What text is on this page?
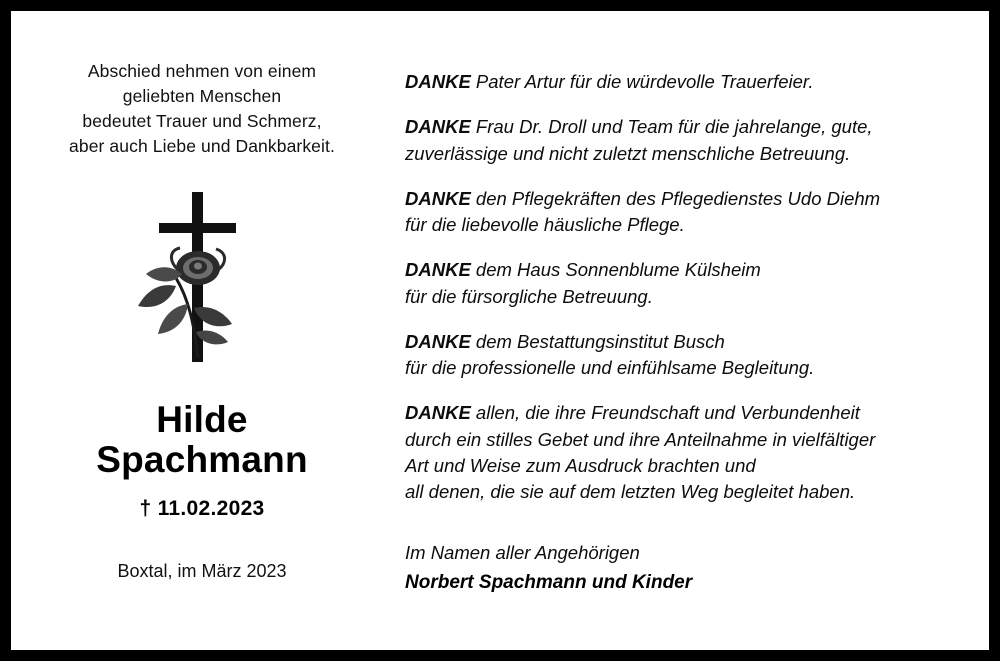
Abschied nehmen von einem
geliebten Menschen
bedeutet Trauer und Schmerz,
aber auch Liebe und Dankbarkeit.
Hilde
Spachmann
† 11.02.2023
Boxtal, im März 2023
DANKE Pater Artur für die würdevolle Trauerfeier.
DANKE Frau Dr. Droll und Team für die jahrelange, gute,
zuverlässige und nicht zuletzt menschliche Betreuung.
DANKE den Pflegekräften des Pflegedienstes Udo Diehm
für die liebevolle häusliche Pflege.
DANKE dem Haus Sonnenblume Külsheim
für die fürsorgliche Betreuung.
DANKE dem Bestattungsinstitut Busch
für die professionelle und einfühlsame Begleitung.
DANKE allen, die ihre Freundschaft und Verbundenheit
durch ein stilles Gebet und ihre Anteilnahme in vielfältiger
Art und Weise zum Ausdruck brachten und
all denen, die sie auf dem letzten Weg begleitet haben.
Im Namen aller Angehörigen
Norbert Spachmann und Kinder
